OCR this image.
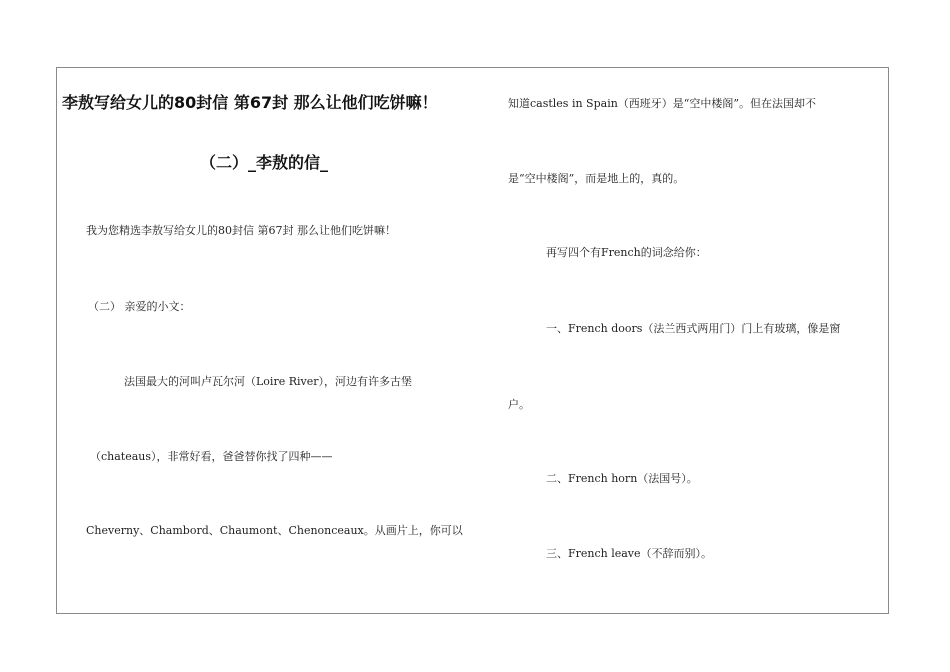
李敖写给女儿的80封信 第67封 那么让他们吃饼嘛！
（二）_李敖的信_
我为您精选李敖写给女儿的80封信 第67封 那么让他们吃饼嘛！
（二） 亲爱的小文：
法国最大的河叫卢瓦尔河（Loire River），河边有许多古堡
（chateaus），非常好看，爸爸替你找了四种——
Cheverny、Chambord、Chaumont、Chenonceaux。从画片上，你可以
知道castles in Spain（西班牙）是“空中楼阁”。但在法国却不
是“空中楼阁”，而是地上的，真的。
再写四个有French的词念给你：
一、French doors（法兰西式两用门）门上有玻璃，像是窗
户。
二、French horn（法国号）。
三、French leave（不辞而别）。
